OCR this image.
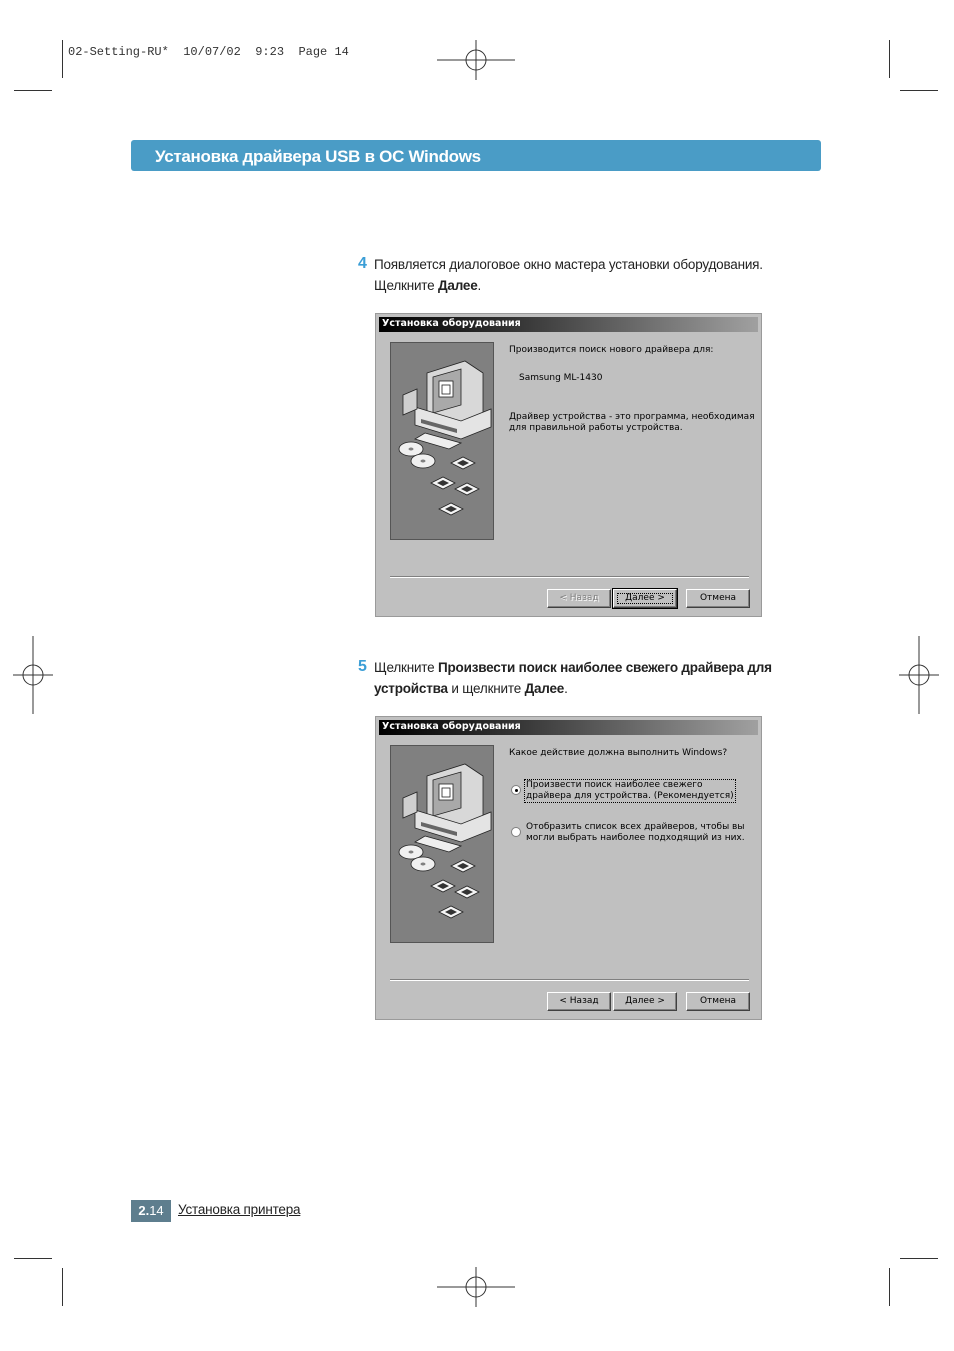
02-Setting-RU*  10/07/02  9:23  Page 14
Установка драйвера USB в ОС Windows
4 Появляется диалоговое окно мастера установки оборудования.
Щелкните Далее.
Установка оборудования
Производится поиск нового драйвера для:
Samsung ML-1430
Драйвер устройства - это программа, необходимая
для правильной работы устройства.
< Назад	Далее >	Отмена
5 Щелкните Произвести поиск наиболее свежего драйвера для устройства и щелкните Далее.
Установка оборудования
Какое действие должна выполнить Windows?
Произвести поиск наиболее свежего
драйвера для устройства. (Рекомендуется)
Отобразить список всех драйверов, чтобы вы
могли выбрать наиболее подходящий из них.
< Назад	Далее >	Отмена
2.14	Установка принтера
